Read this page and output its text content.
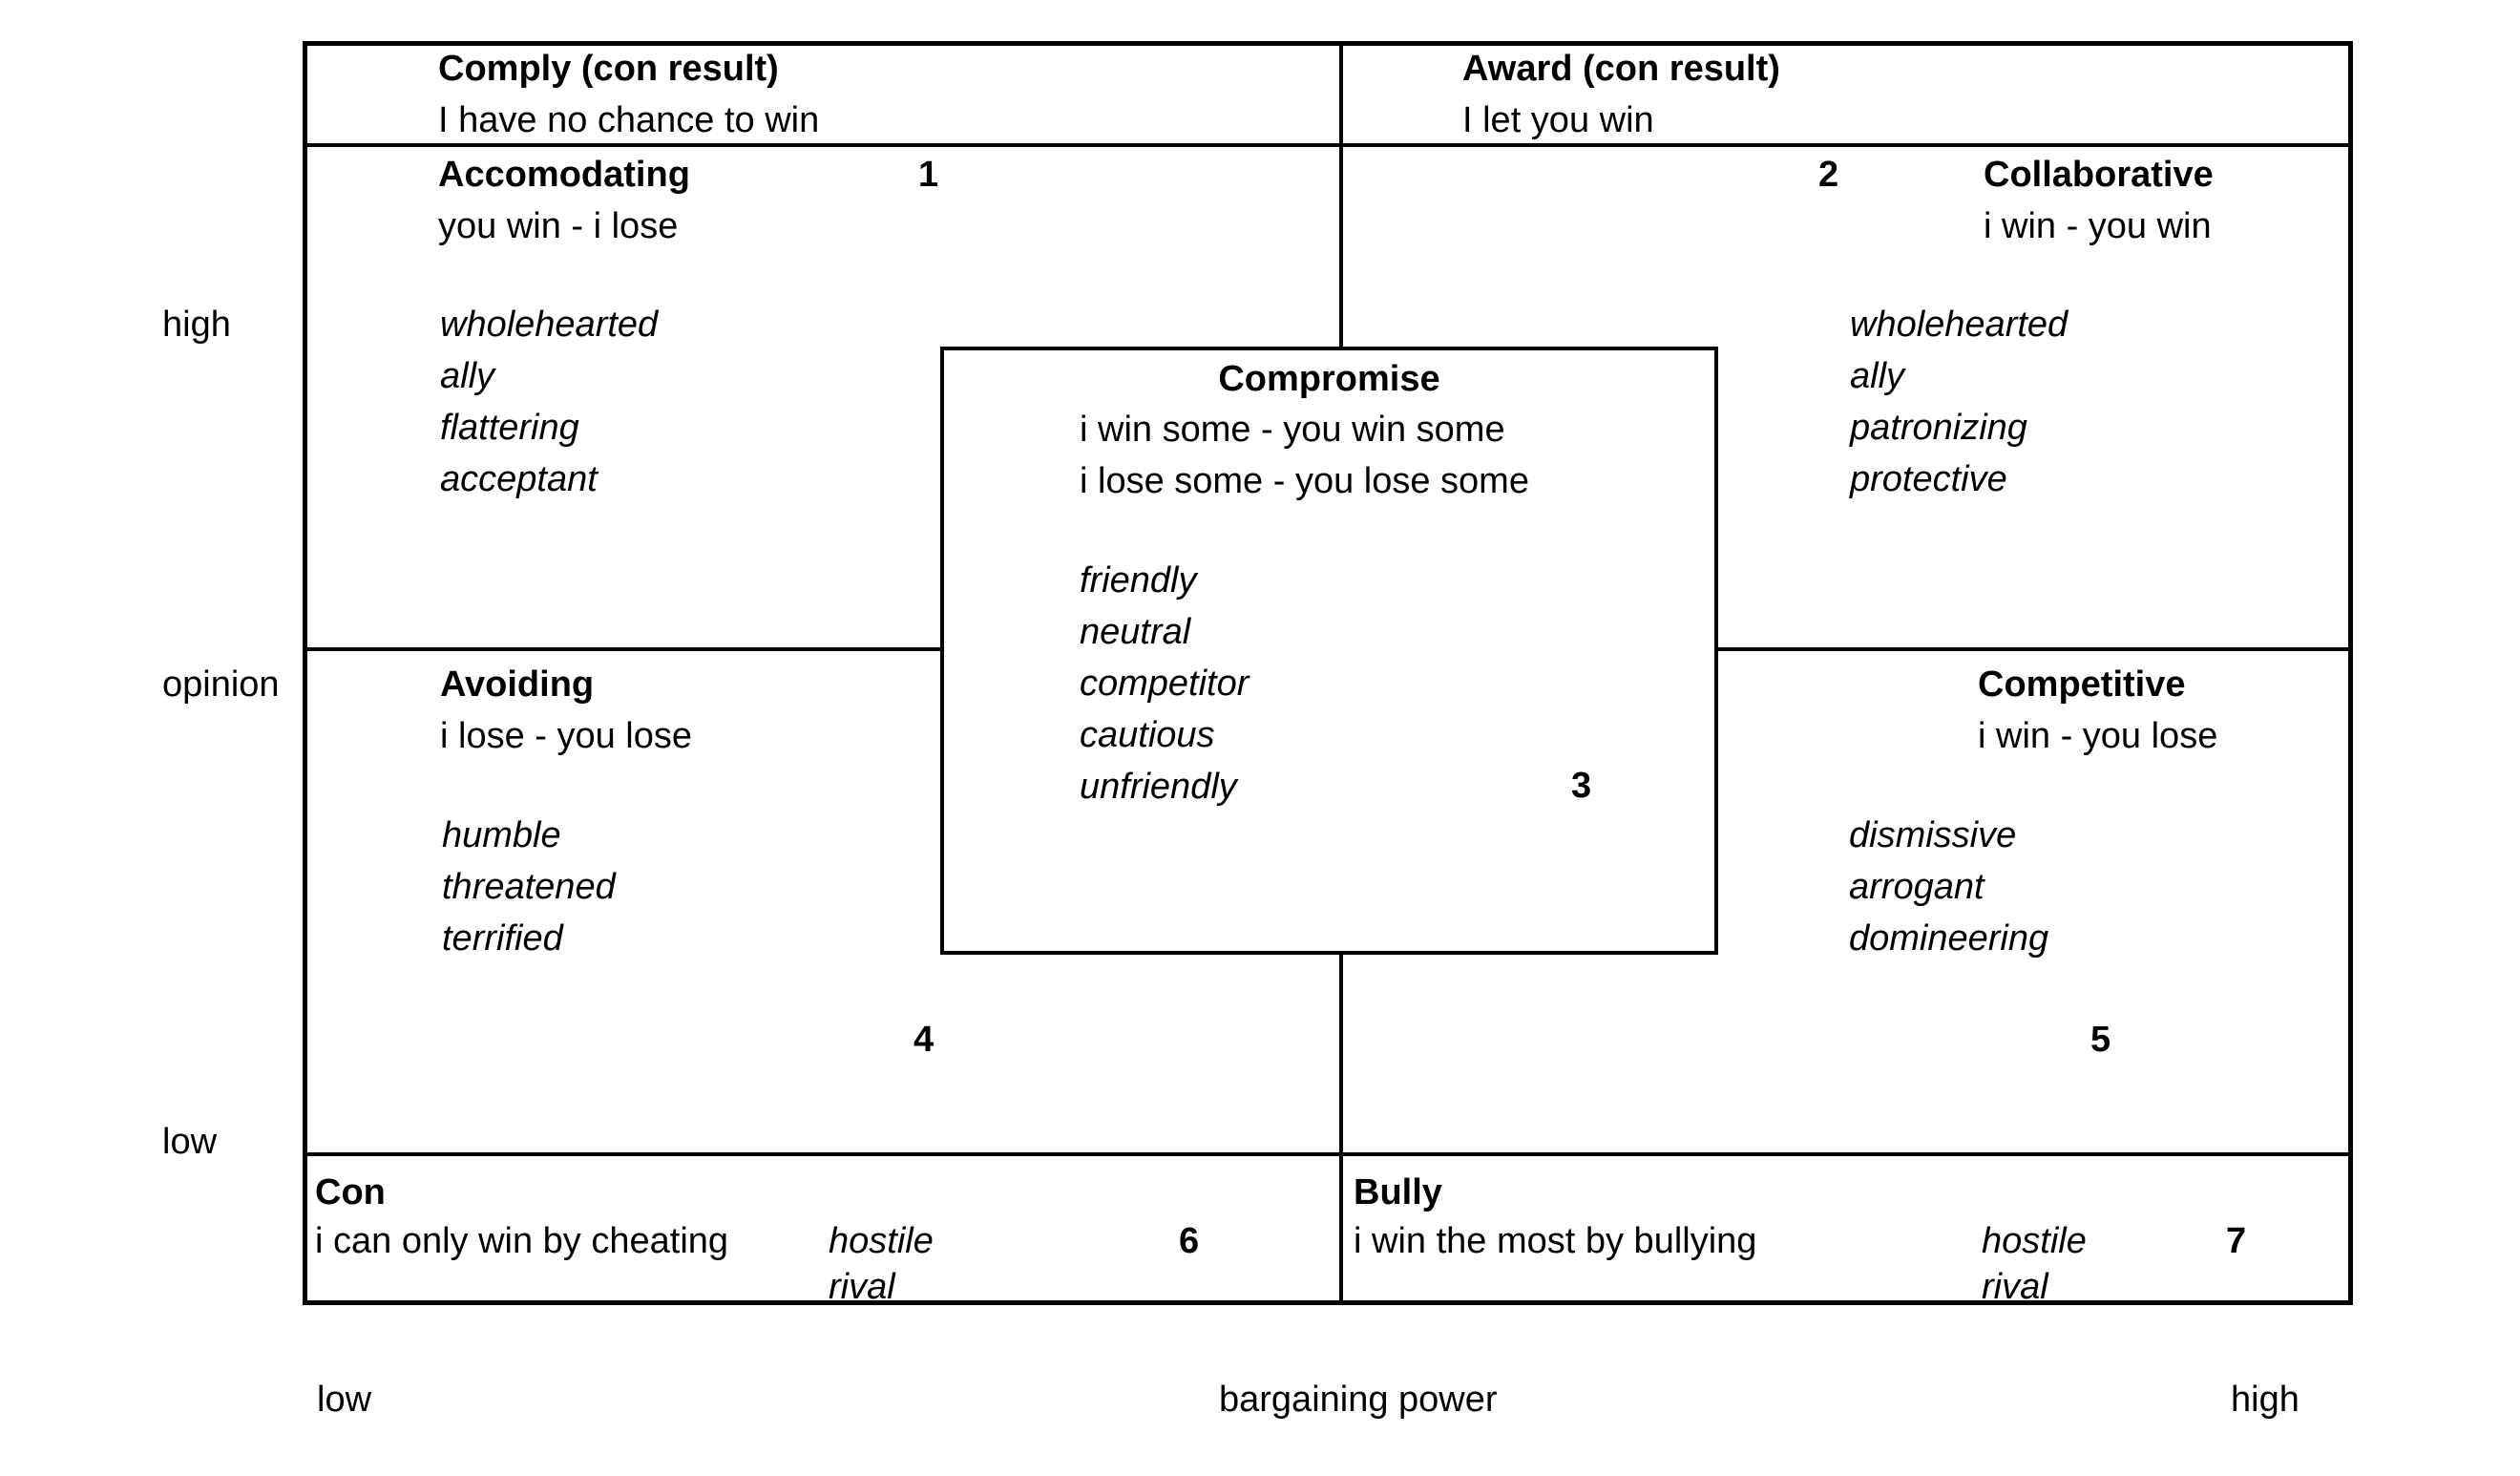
Comply (con result)
I have no chance to win
Award (con result)
I let you win
Accomodating
you win - i lose
1
wholehearted
ally
flattering
acceptant
2	Collaborative
i win - you win
wholehearted
ally
patronizing
protective
Compromise
i win some - you win some
i lose some - you lose some
friendly
neutral
competitor
cautious
unfriendly	3
Avoiding
i lose - you lose
humble
threatened
terrified
4
Competitive
i win - you lose
dismissive
arrogant
domineering
5
Con
i can only win by cheating	hostile
rival
6
Bully
i win the most by bullying	hostile
rival
7
high
opinion
low
low	bargaining power	high
